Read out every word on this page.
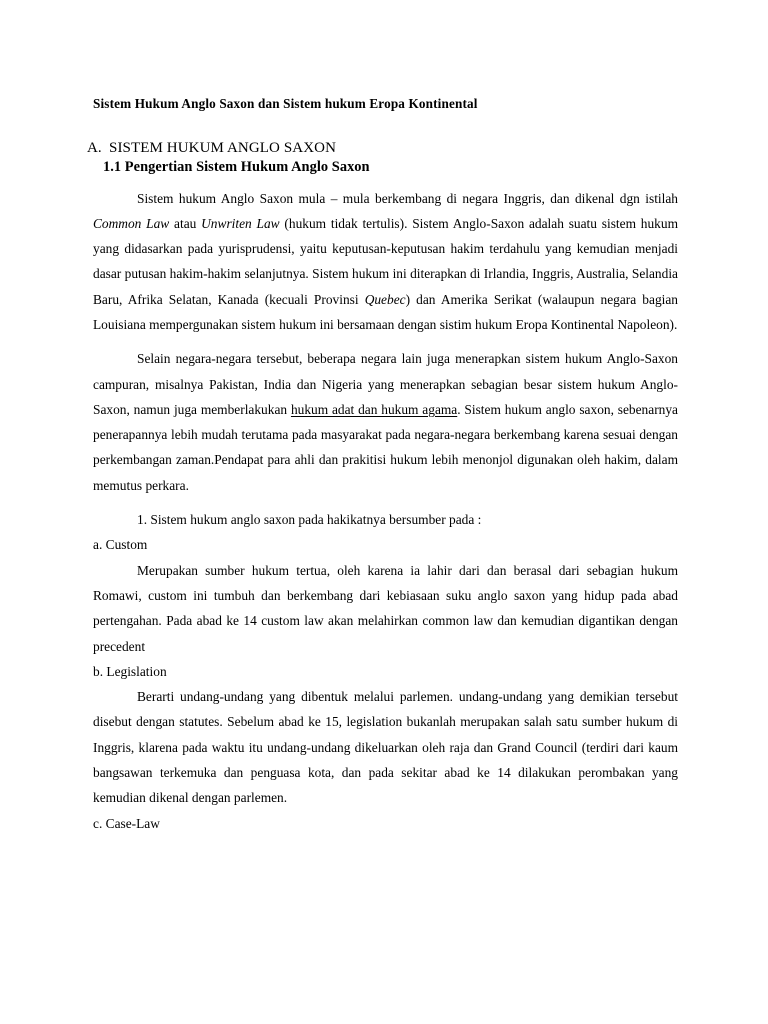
Sistem Hukum Anglo Saxon dan Sistem hukum Eropa Kontinental
A. SISTEM HUKUM ANGLO SAXON
1.1 Pengertian Sistem Hukum Anglo Saxon

Sistem hukum Anglo Saxon mula – mula berkembang di negara Inggris, dan dikenal dgn istilah Common Law atau Unwriten Law (hukum tidak tertulis). Sistem Anglo-Saxon adalah suatu sistem hukum yang didasarkan pada yurisprudensi, yaitu keputusan-keputusan hakim terdahulu yang kemudian menjadi dasar putusan hakim-hakim selanjutnya. Sistem hukum ini diterapkan di Irlandia, Inggris, Australia, Selandia Baru, Afrika Selatan, Kanada (kecuali Provinsi Quebec) dan Amerika Serikat (walaupun negara bagian Louisiana mempergunakan sistem hukum ini bersamaan dengan sistim hukum Eropa Kontinental Napoleon).

Selain negara-negara tersebut, beberapa negara lain juga menerapkan sistem hukum Anglo-Saxon campuran, misalnya Pakistan, India dan Nigeria yang menerapkan sebagian besar sistem hukum Anglo-Saxon, namun juga memberlakukan hukum adat dan hukum agama. Sistem hukum anglo saxon, sebenarnya penerapannya lebih mudah terutama pada masyarakat pada negara-negara berkembang karena sesuai dengan perkembangan zaman.Pendapat para ahli dan prakitisi hukum lebih menonjol digunakan oleh hakim, dalam memutus perkara.

1. Sistem hukum anglo saxon pada hakikatnya bersumber pada :

a. Custom

Merupakan sumber hukum tertua, oleh karena ia lahir dari dan berasal dari sebagian hukum Romawi, custom ini tumbuh dan berkembang dari kebiasaan suku anglo saxon yang hidup pada abad pertengahan. Pada abad ke 14 custom law akan melahirkan common law dan kemudian digantikan dengan precedent

b. Legislation

Berarti undang-undang yang dibentuk melalui parlemen. undang-undang yang demikian tersebut disebut dengan statutes. Sebelum abad ke 15, legislation bukanlah merupakan salah satu sumber hukum di Inggris, klarena pada waktu itu undang-undang dikeluarkan oleh raja dan Grand Council (terdiri dari kaum bangsawan terkemuka dan penguasa kota, dan pada sekitar abad ke 14 dilakukan perombakan yang kemudian dikenal dengan parlemen.

c. Case-Law
